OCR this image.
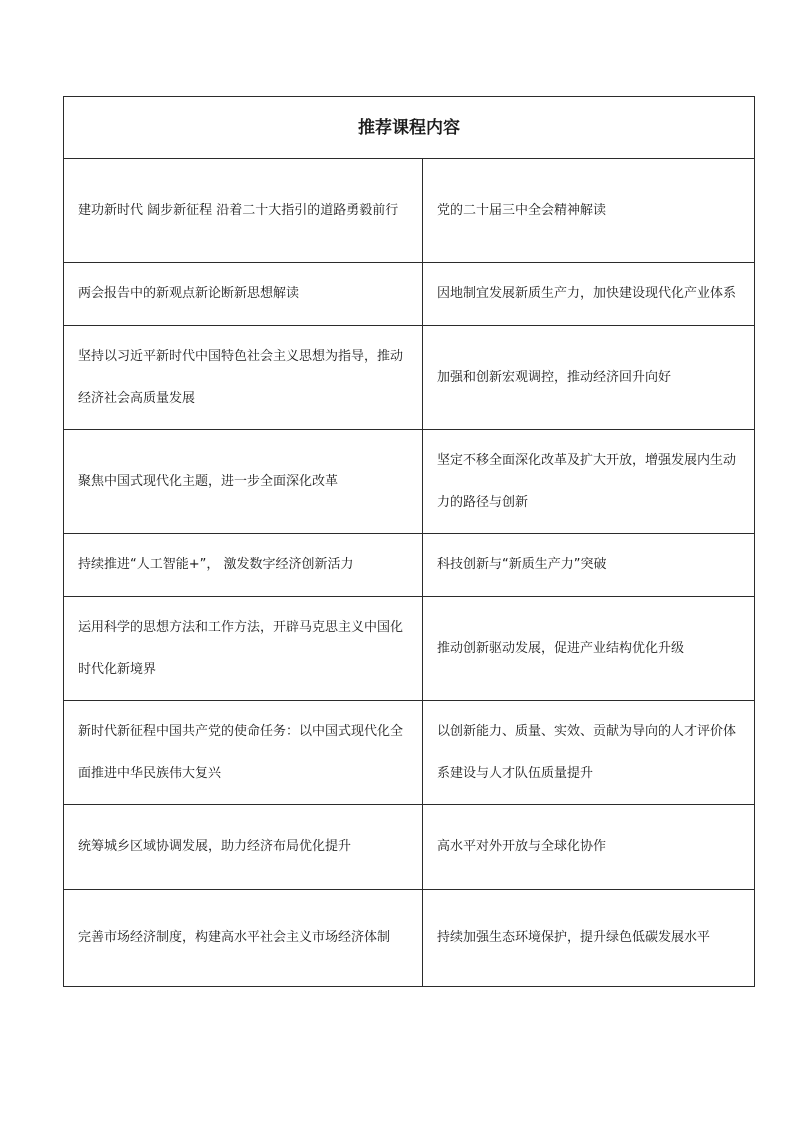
推荐课程内容	
建功新时代 阔步新征程 沿着二十大指引的道路勇毅前行	党的二十届三中全会精神解读
两会报告中的新观点新论断新思想解读	因地制宜发展新质生产力，加快建设现代化产业体系
坚持以习近平新时代中国特色社会主义思想为指导，推动经济社会高质量发展	加强和创新宏观调控，推动经济回升向好
聚焦中国式现代化主题，进一步全面深化改革	坚定不移全面深化改革及扩大开放，增强发展内生动力的路径与创新
持续推进“人工智能+”， 激发数字经济创新活力	科技创新与“新质生产力”突破
运用科学的思想方法和工作方法，开辟马克思主义中国化时代化新境界	推动创新驱动发展，促进产业结构优化升级
新时代新征程中国共产党的使命任务：以中国式现代化全面推进中华民族伟大复兴	以创新能力、质量、实效、贡献为导向的人才评价体系建设与人才队伍质量提升
统筹城乡区域协调发展，助力经济布局优化提升	高水平对外开放与全球化协作
完善市场经济制度，构建高水平社会主义市场经济体制	持续加强生态环境保护，提升绿色低碳发展水平
